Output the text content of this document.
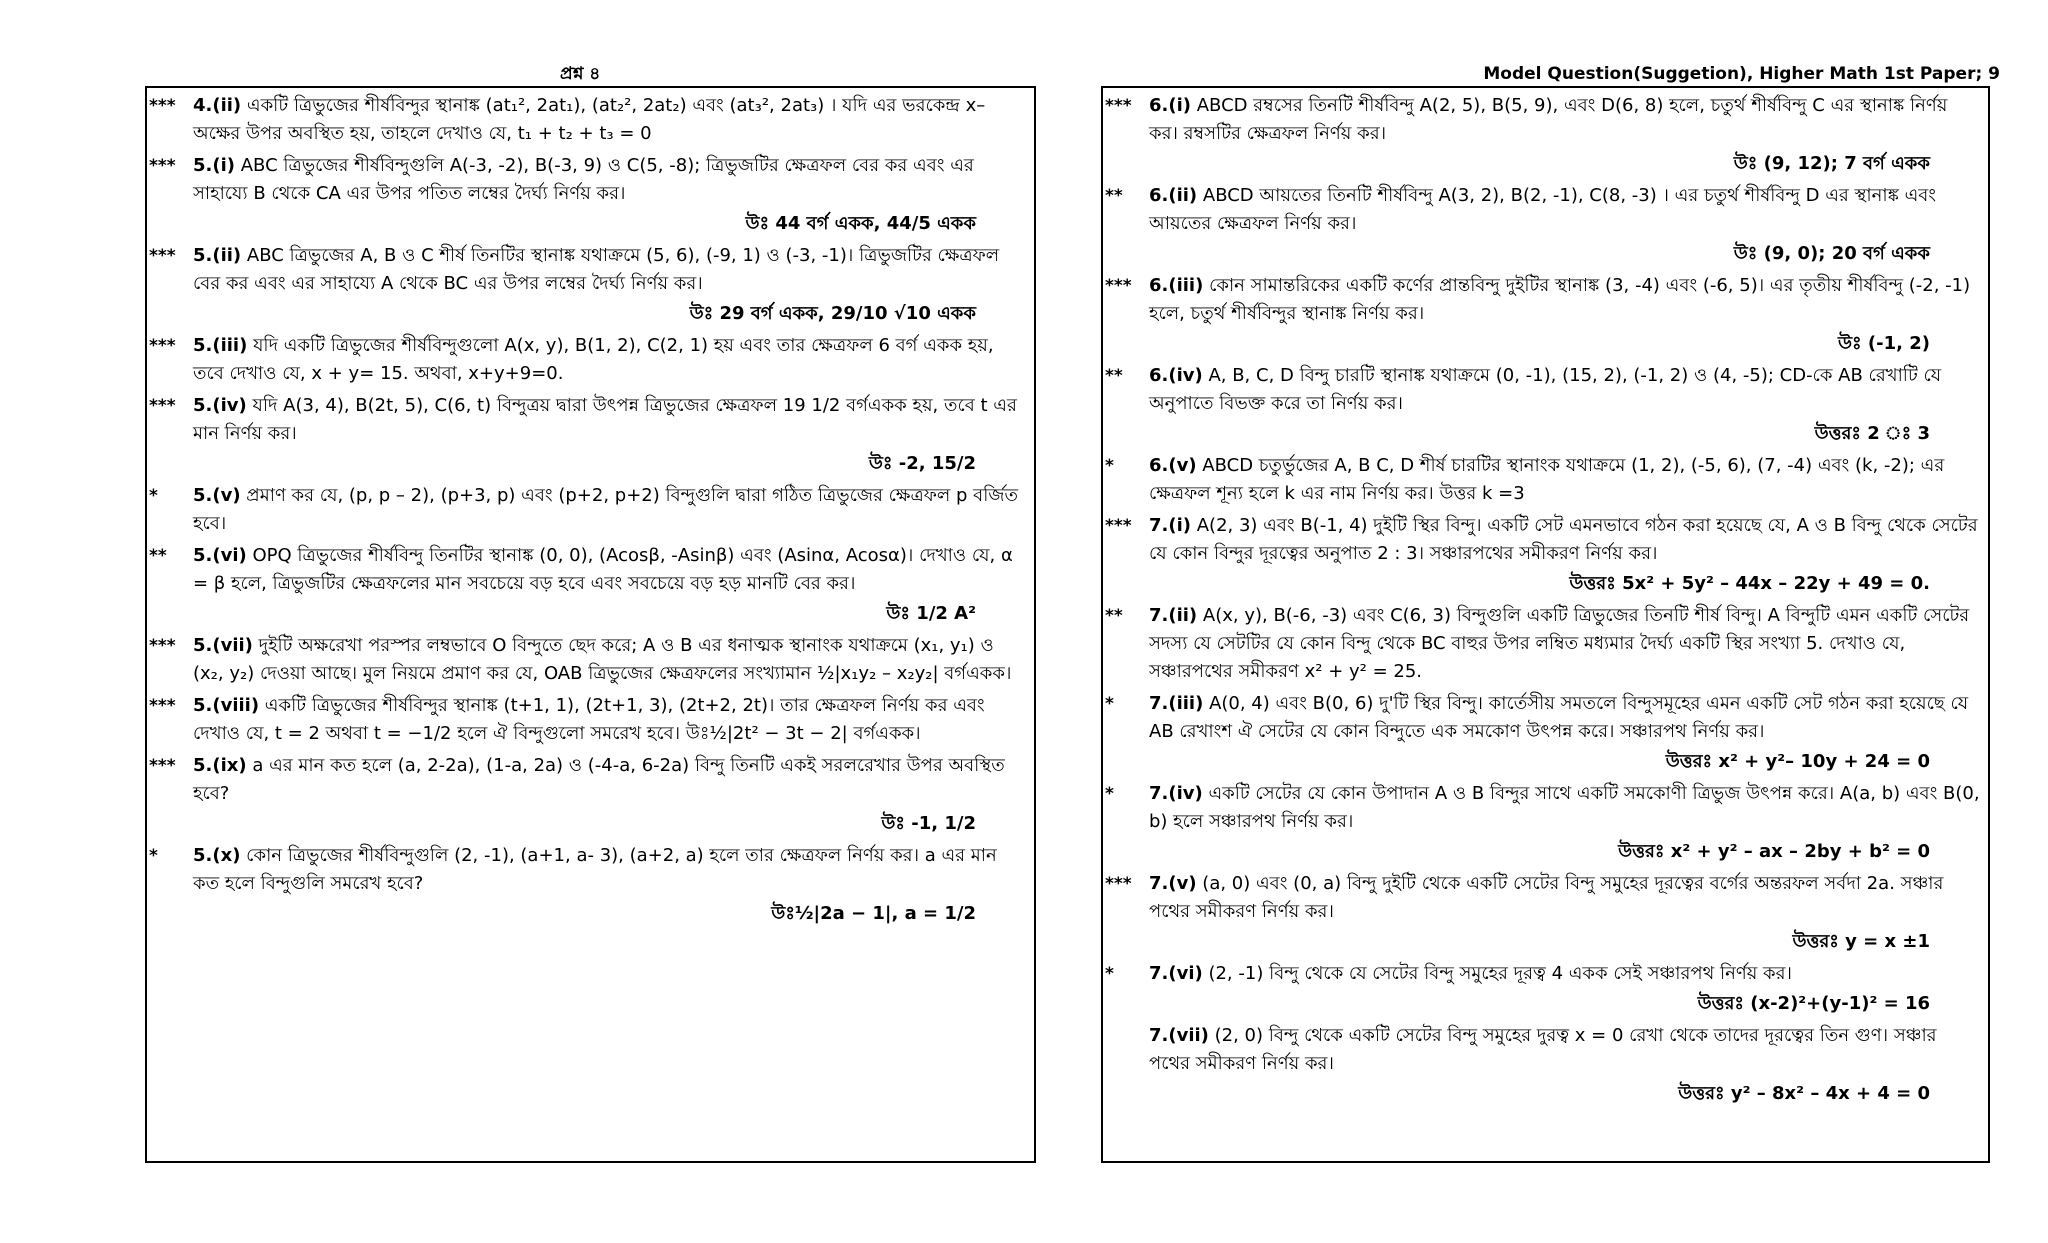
প্রশ্ন ৪	Model Question(Suggetion), Higher Math 1st Paper; 9
*** 4.(ii) একটি ত্রিভুজের শীর্ষবিন্দুর স্থানাঙ্ক (at₁², 2at₁), (at₂², 2at₂) এবং (at₃², 2at₃) । যদি এর ভরকেন্দ্র x–অক্ষের উপর অবস্থিত হয়, তাহলে দেখাও যে, t₁ + t₂ + t₃ = 0
*** 5.(i) ABC ত্রিভুজের শীর্ষবিন্দুগুলি A(-3, -2), B(-3, 9) ও C(5, -8); ত্রিভুজটির ক্ষেত্রফল বের কর এবং এর সাহায্যে B থেকে CA এর উপর পতিত লম্বের দৈর্ঘ্য নির্ণয় কর।
উঃ 44 বর্গ একক, 44/5 একক
*** 5.(ii) ABC ত্রিভুজের A, B ও C শীর্ষ তিনটির স্থানাঙ্ক যথাক্রমে (5, 6), (-9, 1) ও (-3, -1)। ত্রিভুজটির ক্ষেত্রফল বের কর এবং এর সাহায্যে A থেকে BC এর উপর লম্বের দৈর্ঘ্য নির্ণয় কর।
উঃ 29 বর্গ একক, 29/10 √10 একক
*** 5.(iii) যদি একটি ত্রিভুজের শীর্ষবিন্দুগুলো A(x, y), B(1, 2), C(2, 1) হয় এবং তার ক্ষেত্রফল 6 বর্গ একক হয়, তবে দেখাও যে, x + y= 15. অথবা, x+y+9=0.
*** 5.(iv) যদি A(3, 4), B(2t, 5), C(6, t) বিন্দুত্রয় দ্বারা উৎপন্ন ত্রিভুজের ক্ষেত্রফল 19 1/2 বর্গএকক হয়, তবে t এর মান নির্ণয় কর।
উঃ -2, 15/2
* 5.(v) প্রমাণ কর যে, (p, p – 2), (p+3, p) এবং (p+2, p+2) বিন্দুগুলি দ্বারা গঠিত ত্রিভুজের ক্ষেত্রফল p বর্জিত হবে।
** 5.(vi) OPQ ত্রিভুজের শীর্ষবিন্দু তিনটির স্থানাঙ্ক (0, 0), (Acosβ, -Asinβ) এবং (Asinα, Acosα)। দেখাও যে, α = β হলে, ত্রিভুজটির ক্ষেত্রফলের মান সবচেয়ে বড় হবে এবং সবচেয়ে বড় হড় মানটি বের কর।
উঃ 1/2 A²
*** 5.(vii) দুইটি অক্ষরেখা পরস্পর লম্বভাবে O বিন্দুতে ছেদ করে; A ও B এর ধনাত্মক স্থানাংক যথাক্রমে (x₁, y₁) ও (x₂, y₂) দেওয়া আছে। মুল নিয়মে প্রমাণ কর যে, OAB ত্রিভুজের ক্ষেত্রফলের সংখ্যামান ½|x₁y₂ – x₂y₂| বর্গএকক।
*** 5.(viii) একটি ত্রিভুজের শীর্ষবিন্দুর স্থানাঙ্ক (t+1, 1), (2t+1, 3), (2t+2, 2t)। তার ক্ষেত্রফল নির্ণয় কর এবং দেখাও যে, t = 2 অথবা t = −1/2 হলে ঐ বিন্দুগুলো সমরেখ হবে। উঃ½|2t² − 3t − 2| বর্গএকক।
*** 5.(ix) a এর মান কত হলে (a, 2-2a), (1-a, 2a) ও (-4-a, 6-2a) বিন্দু তিনটি একই সরলরেখার উপর অবস্থিত হবে?
উঃ -1, 1/2
* 5.(x) কোন ত্রিভুজের শীর্ষবিন্দুগুলি (2, -1), (a+1, a- 3), (a+2, a) হলে তার ক্ষেত্রফল নির্ণয় কর। a এর মান কত হলে বিন্দুগুলি সমরেখ হবে?
উঃ½|2a − 1|, a = 1/2
*** 6.(i) ABCD রম্বসের তিনটি শীর্ষবিন্দু A(2, 5), B(5, 9), এবং D(6, 8) হলে, চতুর্থ শীর্ষবিন্দু C এর স্থানাঙ্ক নির্ণয় কর। রম্বসটির ক্ষেত্রফল নির্ণয় কর।
উঃ (9, 12); 7 বর্গ একক
** 6.(ii) ABCD আয়তের তিনটি শীর্ষবিন্দু A(3, 2), B(2, -1), C(8, -3) । এর চতুর্থ শীর্ষবিন্দু D এর স্থানাঙ্ক এবং আয়তের ক্ষেত্রফল নির্ণয় কর।
উঃ (9, 0); 20 বর্গ একক
*** 6.(iii) কোন সামান্তরিকের একটি কর্ণের প্রান্তবিন্দু দুইটির স্থানাঙ্ক (3, -4) এবং (-6, 5)। এর তৃতীয় শীর্ষবিন্দু (-2, -1) হলে, চতুর্থ শীর্ষবিন্দুর স্থানাঙ্ক নির্ণয় কর।
উঃ (-1, 2)
** 6.(iv) A, B, C, D বিন্দু চারটি স্থানাঙ্ক যথাক্রমে (0, -1), (15, 2), (-1, 2) ও (4, -5); CD-কে AB রেখাটি যে অনুপাতে বিভক্ত করে তা নির্ণয় কর।
উত্তরঃ 2 ঃ 3
* 6.(v) ABCD চতুর্ভুজের A, B C, D শীর্ষ চারটির স্থানাংক যথাক্রমে (1, 2), (-5, 6), (7, -4) এবং (k, -2); এর ক্ষেত্রফল শূন্য হলে k এর নাম নির্ণয় কর। উত্তর k =3
*** 7.(i) A(2, 3) এবং B(-1, 4) দুইটি স্থির বিন্দু। একটি সেট এমনভাবে গঠন করা হয়েছে যে, A ও B বিন্দু থেকে সেটের যে কোন বিন্দুর দূরত্বের অনুপাত 2 : 3। সঞ্চারপথের সমীকরণ নির্ণয় কর।
উত্তরঃ 5x² + 5y² – 44x – 22y + 49 = 0.
** 7.(ii) A(x, y), B(-6, -3) এবং C(6, 3) বিন্দুগুলি একটি ত্রিভুজের তিনটি শীর্ষ বিন্দু। A বিন্দুটি এমন একটি সেটের সদস্য যে সেটটির যে কোন বিন্দু থেকে BC বাহুর উপর লম্বিত মধ্যমার দৈর্ঘ্য একটি স্থির সংখ্যা 5. দেখাও যে, সঞ্চারপথের সমীকরণ x² + y² = 25.
* 7.(iii) A(0, 4) এবং B(0, 6) দু'টি স্থির বিন্দু। কার্তেসীয় সমতলে বিন্দুসমূহের এমন একটি সেট গঠন করা হয়েছে যে AB রেখাংশ ঐ সেটের যে কোন বিন্দুতে এক সমকোণ উৎপন্ন করে। সঞ্চারপথ নির্ণয় কর।
উত্তরঃ x² + y²– 10y + 24 = 0
* 7.(iv) একটি সেটের যে কোন উপাদান A ও B বিন্দুর সাথে একটি সমকোণী ত্রিভুজ উৎপন্ন করে। A(a, b) এবং B(0, b) হলে সঞ্চারপথ নির্ণয় কর।
উত্তরঃ x² + y² – ax – 2by + b² = 0
*** 7.(v) (a, 0) এবং (0, a) বিন্দু দুইটি থেকে একটি সেটের বিন্দু সমুহের দূরত্বের বর্গের অন্তরফল সর্বদা 2a. সঞ্চার পথের সমীকরণ নির্ণয় কর।
উত্তরঃ y = x ±1
* 7.(vi) (2, -1) বিন্দু থেকে যে সেটের বিন্দু সমুহের দূরত্ব 4 একক সেই সঞ্চারপথ নির্ণয় কর।
উত্তরঃ (x-2)²+(y-1)² = 16
7.(vii) (2, 0) বিন্দু থেকে একটি সেটের বিন্দু সমুহের দুরত্ব x = 0 রেখা থেকে তাদের দূরত্বের তিন গুণ। সঞ্চার পথের সমীকরণ নির্ণয় কর।
উত্তরঃ y² – 8x² – 4x + 4 = 0
